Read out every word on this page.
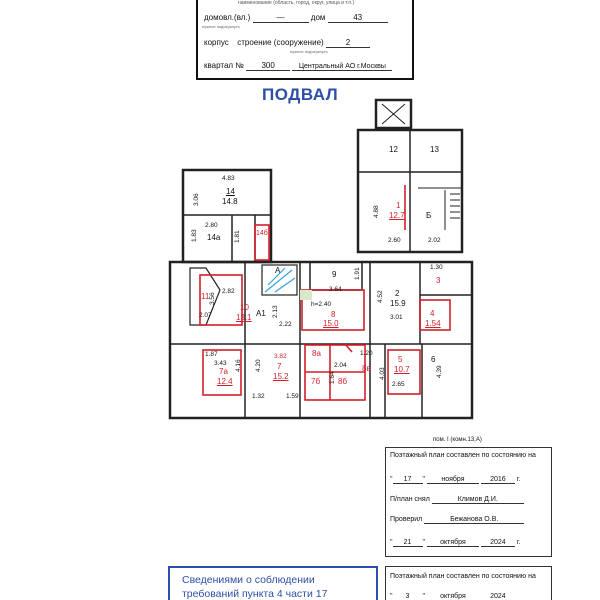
наименование (область, город, округ, улица и т.п.)
домовл.(вл.)	—	дом	43
нужное подчеркнуть
корпус строение (сооружение)	2
нужное подчеркнуть
квартал № 300	Центральный АО г.Москвы
ПОДВАЛ
4.83
14
14.8
3.06
2.80
14а
1.83	1.81 14б
12	13
1
12.7
4.88
2.60
Б
2.02
А	9	1.91
11 3.56
2.07
2.82
10
13.1 А1 2.13
2.22
3.64
h=2.40
8
15.0
2
15.9
4.52
3.01
1.30
3
4
1.54
1.87
3.43
7а
12.4
3.82
4.16 4.20 7
15.2
8а
7б 8б
8в
2.04
1.64
1.20
5
10.7
4.03
2.65
6
4.39
1.32	1.59
пом. I (комн.13,А)
Поэтажный план составлен по состоянию на
" 17 " ноября	2016 г.
П/план снял	Климов Д.И.
Проверил	Бежанова О.В.
" 21 " октября	2024 г.
Сведениями о соблюдении
требований пункта 4 части 17
Поэтажный план составлен по состоянию на
" 3 " октября	2024
